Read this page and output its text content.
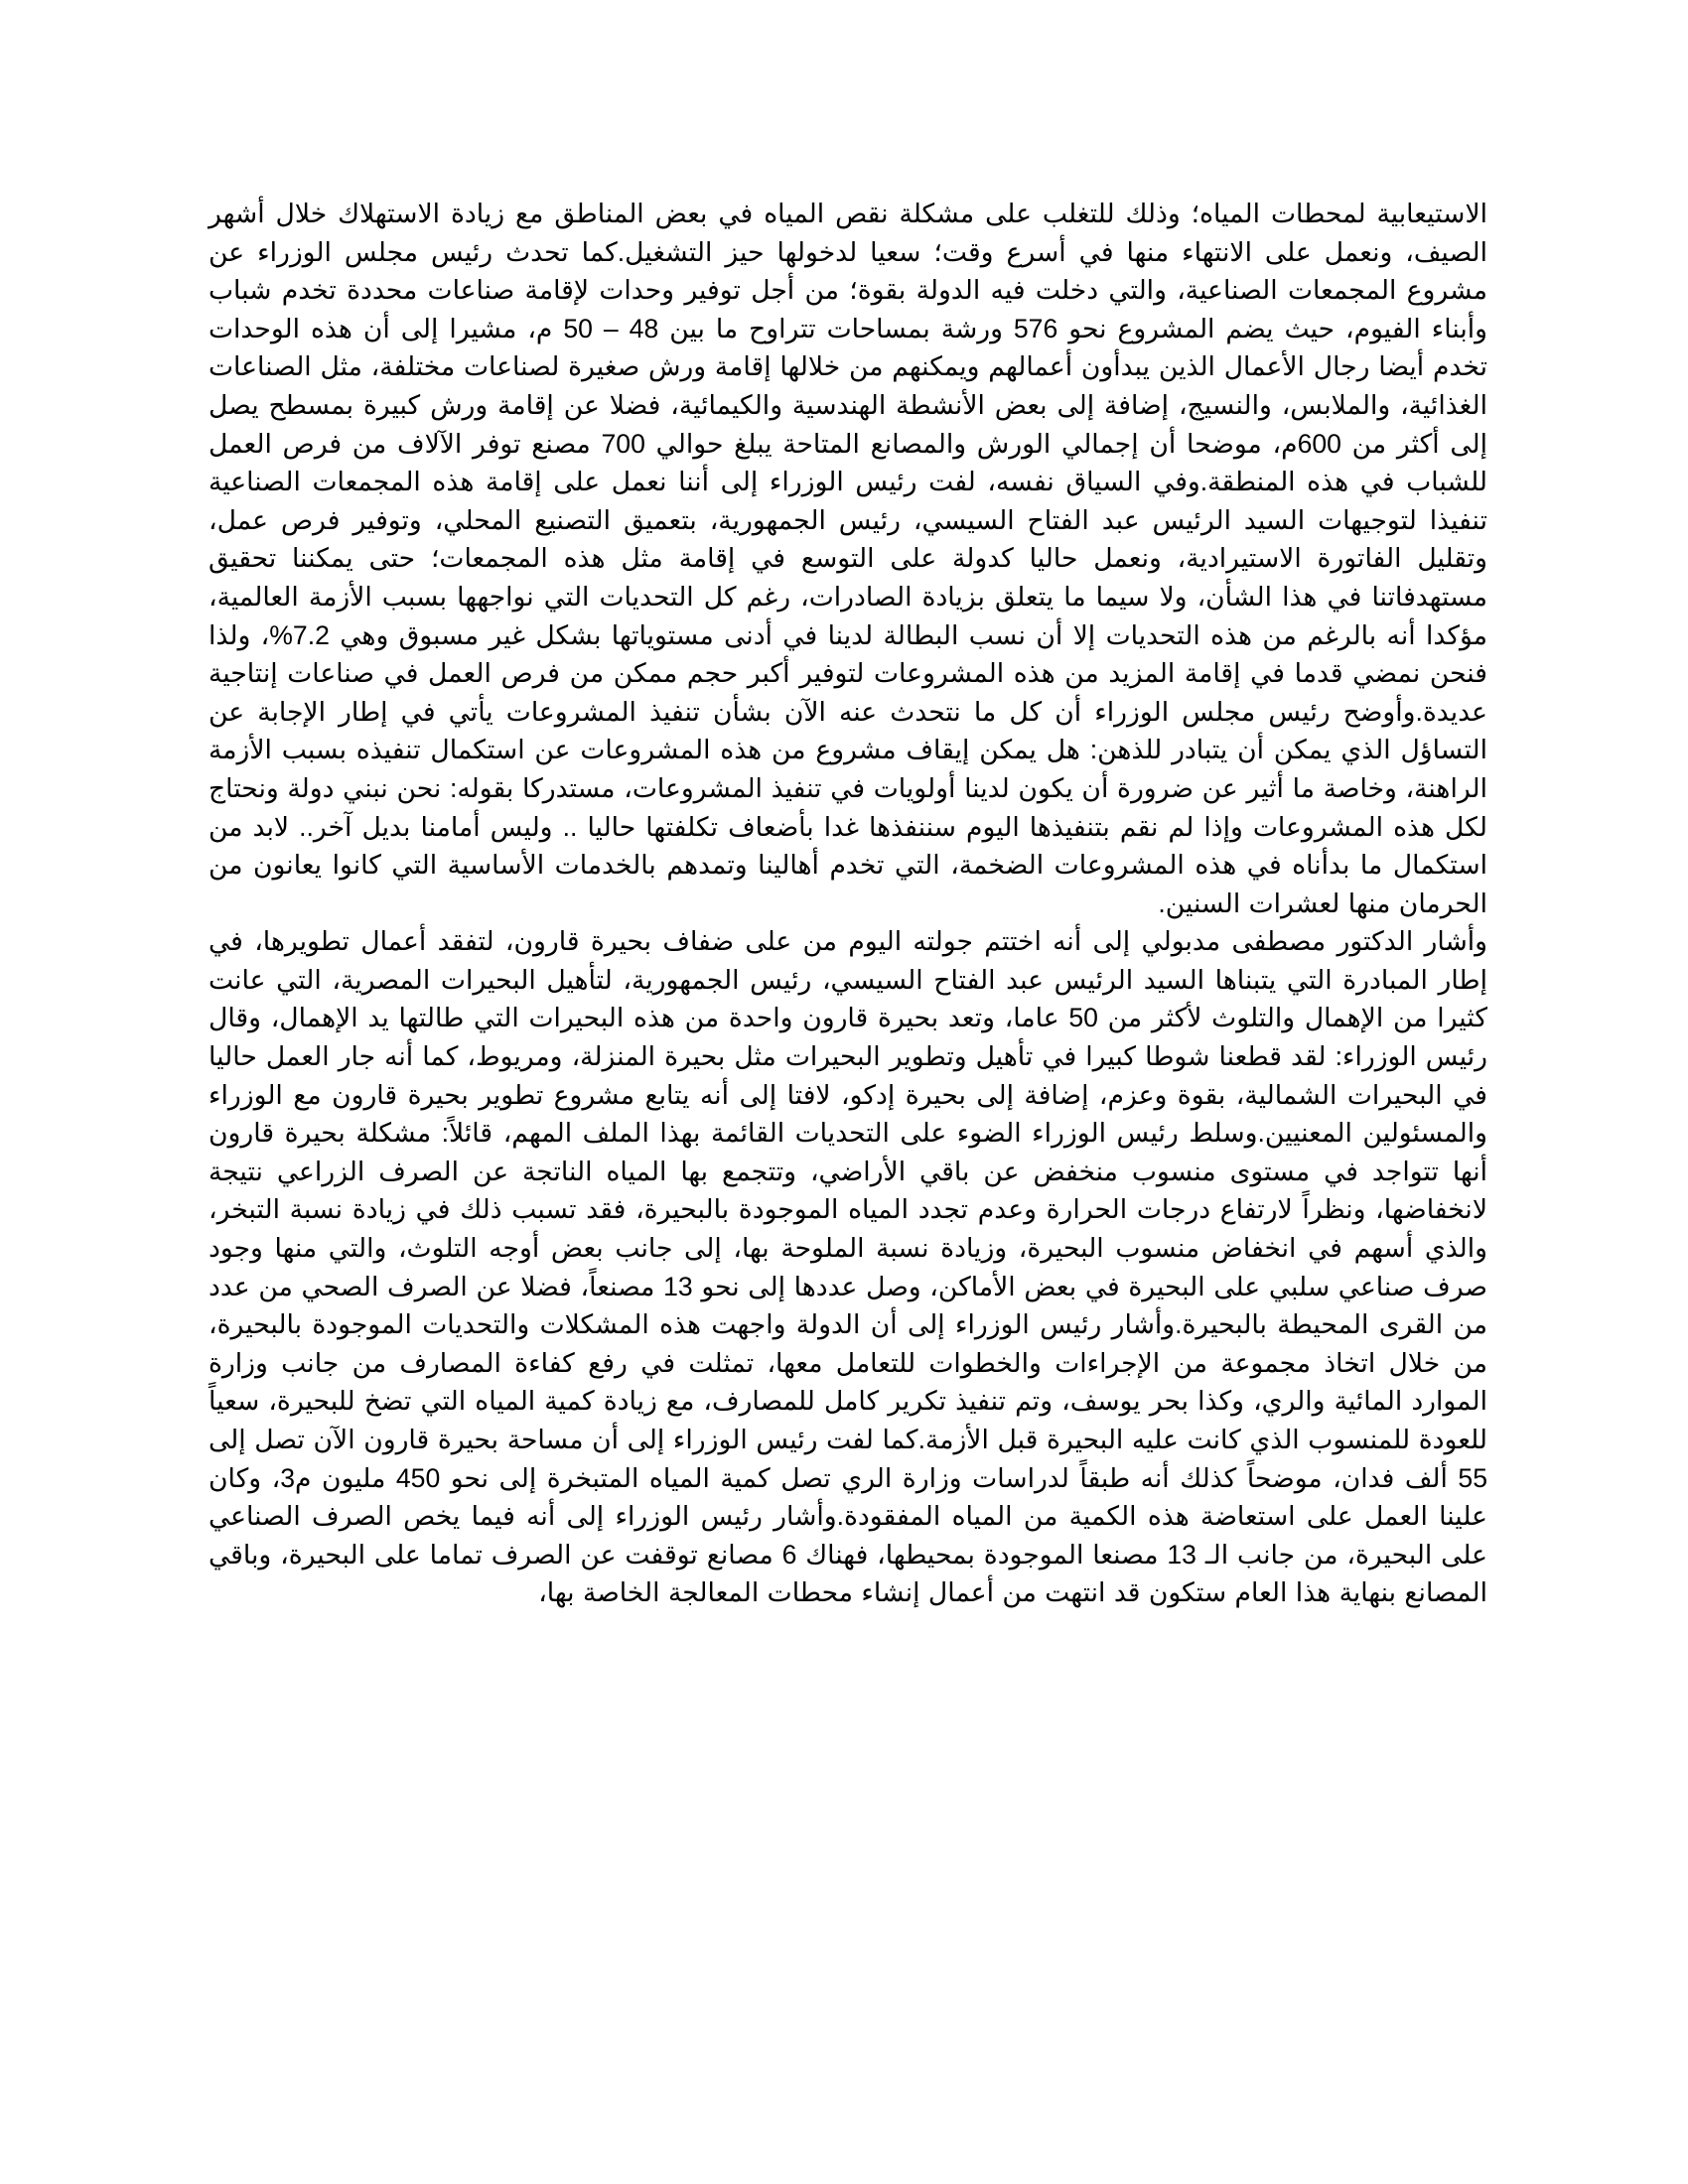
الاستيعابية لمحطات المياه؛ وذلك للتغلب على مشكلة نقص المياه في بعض المناطق مع زيادة الاستهلاك خلال أشهر الصيف، ونعمل على الانتهاء منها في أسرع وقت؛ سعيا لدخولها حيز التشغيل.كما تحدث رئيس مجلس الوزراء عن مشروع المجمعات الصناعية، والتي دخلت فيه الدولة بقوة؛ من أجل توفير وحدات لإقامة صناعات محددة تخدم شباب وأبناء الفيوم، حيث يضم المشروع نحو 576 ورشة بمساحات تتراوح ما بين 48 – 50 م، مشيرا إلى أن هذه الوحدات تخدم أيضا رجال الأعمال الذين يبدأون أعمالهم ويمكنهم من خلالها إقامة ورش صغيرة لصناعات مختلفة، مثل الصناعات الغذائية، والملابس، والنسيج، إضافة إلى بعض الأنشطة الهندسية والكيمائية، فضلا عن إقامة ورش كبيرة بمسطح يصل إلى أكثر من 600م، موضحا أن إجمالي الورش والمصانع المتاحة يبلغ حوالي 700 مصنع توفر الآلاف من فرص العمل للشباب في هذه المنطقة.وفي السياق نفسه، لفت رئيس الوزراء إلى أننا نعمل على إقامة هذه المجمعات الصناعية تنفيذا لتوجيهات السيد الرئيس عبد الفتاح السيسي، رئيس الجمهورية، بتعميق التصنيع المحلي، وتوفير فرص عمل، وتقليل الفاتورة الاستيرادية، ونعمل حاليا كدولة على التوسع في إقامة مثل هذه المجمعات؛ حتى يمكننا تحقيق مستهدفاتنا في هذا الشأن، ولا سيما ما يتعلق بزيادة الصادرات، رغم كل التحديات التي نواجهها بسبب الأزمة العالمية، مؤكدا أنه بالرغم من هذه التحديات إلا أن نسب البطالة لدينا في أدنى مستوياتها بشكل غير مسبوق وهي 7.2%، ولذا فنحن نمضي قدما في إقامة المزيد من هذه المشروعات لتوفير أكبر حجم ممكن من فرص العمل في صناعات إنتاجية عديدة.وأوضح رئيس مجلس الوزراء أن كل ما نتحدث عنه الآن بشأن تنفيذ المشروعات يأتي في إطار الإجابة عن التساؤل الذي يمكن أن يتبادر للذهن: هل يمكن إيقاف مشروع من هذه المشروعات عن استكمال تنفيذه بسبب الأزمة الراهنة، وخاصة ما أثير عن ضرورة أن يكون لدينا أولويات في تنفيذ المشروعات، مستدركا بقوله: نحن نبني دولة ونحتاج لكل هذه المشروعات وإذا لم نقم بتنفيذها اليوم سننفذها غدا بأضعاف تكلفتها حاليا .. وليس أمامنا بديل آخر.. لابد من استكمال ما بدأناه في هذه المشروعات الضخمة، التي تخدم أهالينا وتمدهم بالخدمات الأساسية التي كانوا يعانون من الحرمان منها لعشرات السنين.

وأشار الدكتور مصطفى مدبولي إلى أنه اختتم جولته اليوم من على ضفاف بحيرة قارون، لتفقد أعمال تطويرها، في إطار المبادرة التي يتبناها السيد الرئيس عبد الفتاح السيسي، رئيس الجمهورية، لتأهيل البحيرات المصرية، التي عانت كثيرا من الإهمال والتلوث لأكثر من 50 عاما، وتعد بحيرة قارون واحدة من هذه البحيرات التي طالتها يد الإهمال، وقال رئيس الوزراء: لقد قطعنا شوطا كبيرا في تأهيل وتطوير البحيرات مثل بحيرة المنزلة، ومريوط، كما أنه جار العمل حاليا في البحيرات الشمالية، بقوة وعزم، إضافة إلى بحيرة إدكو، لافتا إلى أنه يتابع مشروع تطوير بحيرة قارون مع الوزراء والمسئولين المعنيين.وسلط رئيس الوزراء الضوء على التحديات القائمة بهذا الملف المهم، قائلاً: مشكلة بحيرة قارون أنها تتواجد في مستوى منسوب منخفض عن باقي الأراضي، وتتجمع بها المياه الناتجة عن الصرف الزراعي نتيجة لانخفاضها، ونظراً لارتفاع درجات الحرارة وعدم تجدد المياه الموجودة بالبحيرة، فقد تسبب ذلك في زيادة نسبة التبخر، والذي أسهم في انخفاض منسوب البحيرة، وزيادة نسبة الملوحة بها، إلى جانب بعض أوجه التلوث، والتي منها وجود صرف صناعي سلبي على البحيرة في بعض الأماكن، وصل عددها إلى نحو 13 مصنعاً، فضلا عن الصرف الصحي من عدد من القرى المحيطة بالبحيرة.وأشار رئيس الوزراء إلى أن الدولة واجهت هذه المشكلات والتحديات الموجودة بالبحيرة، من خلال اتخاذ مجموعة من الإجراءات والخطوات للتعامل معها، تمثلت في رفع كفاءة المصارف من جانب وزارة الموارد المائية والري، وكذا بحر يوسف، وتم تنفيذ تكرير كامل للمصارف، مع زيادة كمية المياه التي تضخ للبحيرة، سعياً للعودة للمنسوب الذي كانت عليه البحيرة قبل الأزمة.كما لفت رئيس الوزراء إلى أن مساحة بحيرة قارون الآن تصل إلى 55 ألف فدان، موضحاً كذلك أنه طبقاً لدراسات وزارة الري تصل كمية المياه المتبخرة إلى نحو 450 مليون م3، وكان علينا العمل على استعاضة هذه الكمية من المياه المفقودة.وأشار رئيس الوزراء إلى أنه فيما يخص الصرف الصناعي على البحيرة، من جانب الـ 13 مصنعا الموجودة بمحيطها، فهناك 6 مصانع توقفت عن الصرف تماما على البحيرة، وباقي المصانع بنهاية هذا العام ستكون قد انتهت من أعمال إنشاء محطات المعالجة الخاصة بها،
